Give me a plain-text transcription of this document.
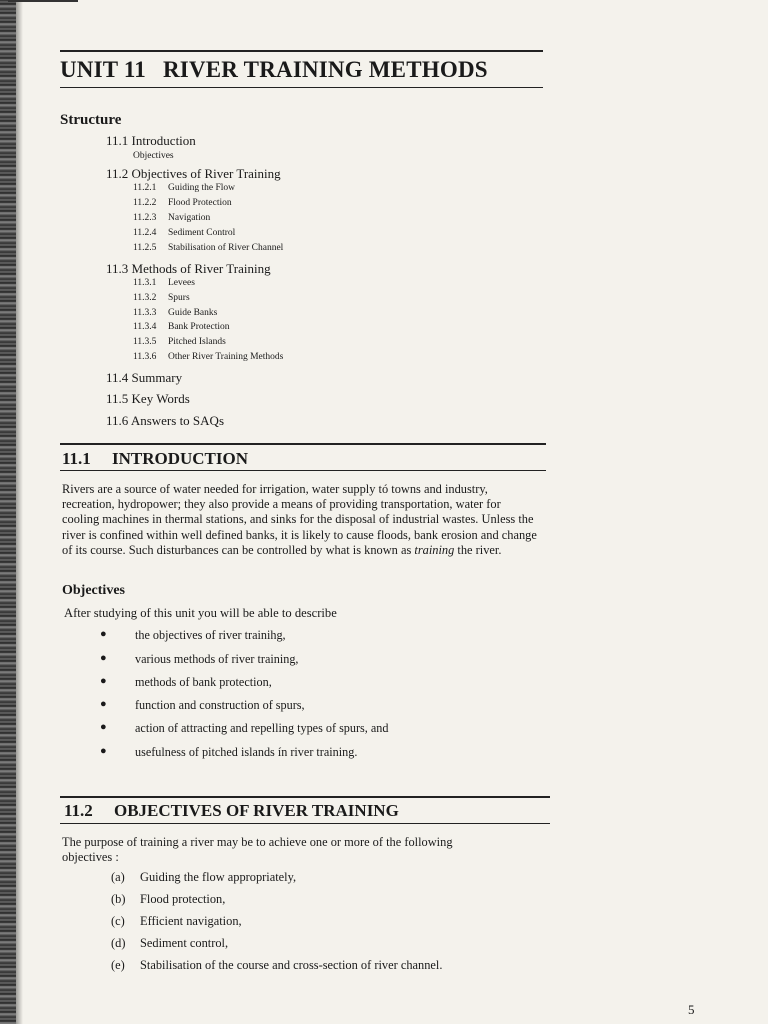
UNIT 11 RIVER TRAINING METHODS
Structure
11.1 Introduction
Objectives
11.2 Objectives of River Training
11.2.1 Guiding the Flow
11.2.2 Flood Protection
11.2.3 Navigation
11.2.4 Sediment Control
11.2.5 Stabilisation of River Channel
11.3 Methods of River Training
11.3.1 Levees
11.3.2 Spurs
11.3.3 Guide Banks
11.3.4 Bank Protection
11.3.5 Pitched Islands
11.3.6 Other River Training Methods
11.4 Summary
11.5 Key Words
11.6 Answers to SAQs
11.1 INTRODUCTION
Rivers are a source of water needed for irrigation, water supply tó towns and industry, recreation, hydropower; they also provide a means of providing transportation, water for cooling machines in thermal stations, and sinks for the disposal of industrial wastes. Unless the river is confined within well defined banks, it is likely to cause floods, bank erosion and change of its course. Such disturbances can be controlled by what is known as training the river.
Objectives
After studying of this unit you will be able to describe
● the objectives of river trainihg,
● various methods of river training,
● methods of bank protection,
● function and construction of spurs,
● action of attracting and repelling types of spurs, and
● usefulness of pitched islands ín river training.
11.2 OBJECTIVES OF RIVER TRAINING
The purpose of training a river may be to achieve one or more of the following objectives :
(a) Guiding the flow appropriately,
(b) Flood protection,
(c) Efficient navigation,
(d) Sediment control,
(e) Stabilisation of the course and cross-section of river channel.
5
